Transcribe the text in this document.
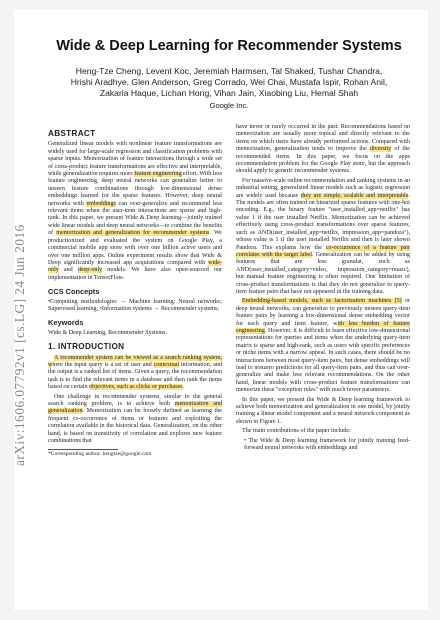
Wide & Deep Learning for Recommender Systems
Heng-Tze Cheng, Levent Koc, Jeremiah Harmsen, Tal Shaked, Tushar Chandra,
Hrishi Aradhye, Glen Anderson, Greg Corrado, Wei Chai, Mustafa Ispir, Rohan Anil,
Zakaria Haque, Lichan Hong, Vihan Jain, Xiaobing Liu, Hemal Shah
Google Inc.
ABSTRACT

Generalized linear models with nonlinear feature transformations are widely used for large-scale regression and classification problems with sparse inputs. Memorization of feature interactions through a wide set of cross-product feature transformations are effective and interpretable, while generalization requires more feature engineering effort. With less feature engineering, deep neural networks can generalize better to unseen feature combinations through low-dimensional dense embeddings learned for the sparse features. However, deep neural networks with embeddings can over-generalize and recommend less relevant items when the user-item interactions are sparse and high-rank. In this paper, we present Wide & Deep learning—jointly trained wide linear models and deep neural networks—to combine the benefits of memorization and generalization for recommender systems. We productionized and evaluated the system on Google Play, a commercial mobile app store with over one billion active users and over one million apps. Online experiment results show that Wide & Deep significantly increased app acquisitions compared with wide-only and deep-only models. We have also open-sourced our implementation in TensorFlow.

CCS Concepts

•Computing methodologies → Machine learning; Neural networks; Supervised learning; •Information systems → Recommender systems;

Keywords

Wide & Deep Learning, Recommender Systems.

1. INTRODUCTION

A recommender system can be viewed as a search ranking system, where the input query is a set of user and contextual information, and the output is a ranked list of items. Given a query, the recommendation task is to find the relevant items in a database and then rank the items based on certain objectives, such as clicks or purchases.

One challenge in recommender systems, similar to the general search ranking problem, is to achieve both memorization and generalization. Memorization can be loosely defined as learning the frequent co-occurrence of items or features and exploiting the correlation available in the historical data. Generalization, on the other hand, is based on transitivity of correlation and explores new feature combinations that

*Corresponding author: hengtze@google.com

have never or rarely occurred in the past. Recommendations based on memorization are usually more topical and directly relevant to the items on which users have already performed actions. Compared with memorization, generalization tends to improve the diversity of the recommended items. In this paper, we focus on the apps recommendation problem for the Google Play store, but the approach should apply to generic recommender systems.

For massive-scale online recommendation and ranking systems in an industrial setting, generalized linear models such as logistic regression are widely used because they are simple, scalable and interpretable. The models are often trained on binarized sparse features with one-hot encoding. E.g., the binary feature "user_installed_app=netflix" has value 1 if the user installed Netflix. Memorization can be achieved effectively using cross-product transformations over sparse features, such as AND(user_installed_app=netflix, impression_app=pandora"), whose value is 1 if the user installed Netflix and then is later shown Pandora. This explains how the co-occurrence of a feature pair correlates with the target label. Generalization can be added by using features that are less granular, such as AND(user_installed_category=video, impression_category=music), but manual feature engineering is often required. One limitation of cross-product transformations is that they do not generalize to query-item feature pairs that have not appeared in the training data.

Embedding-based models, such as factorization machines [5] or deep neural networks, can generalize to previously unseen query-item feature pairs by learning a low-dimensional dense embedding vector for each query and item feature, with less burden of feature engineering. However, it is difficult to learn effective low-dimensional representations for queries and items when the underlying query-item matrix is sparse and high-rank, such as users with specific preferences or niche items with a narrow appeal. In such cases, there should be no interactions between most query-item pairs, but dense embeddings will lead to nonzero predictions for all query-item pairs, and thus can over-generalize and make less relevant recommendations. On the other hand, linear models with cross-product feature transformations can memorize these "exception rules" with much fewer parameters.

In this paper, we present the Wide & Deep learning framework to achieve both memorization and generalization in one model, by jointly training a linear model component and a neural network component as shown in Figure 1.

The main contributions of the paper include:

• The Wide & Deep learning framework for jointly training feed-forward neural networks with embeddings and
arXiv:1606.07792v1 [cs.LG] 24 Jun 2016
